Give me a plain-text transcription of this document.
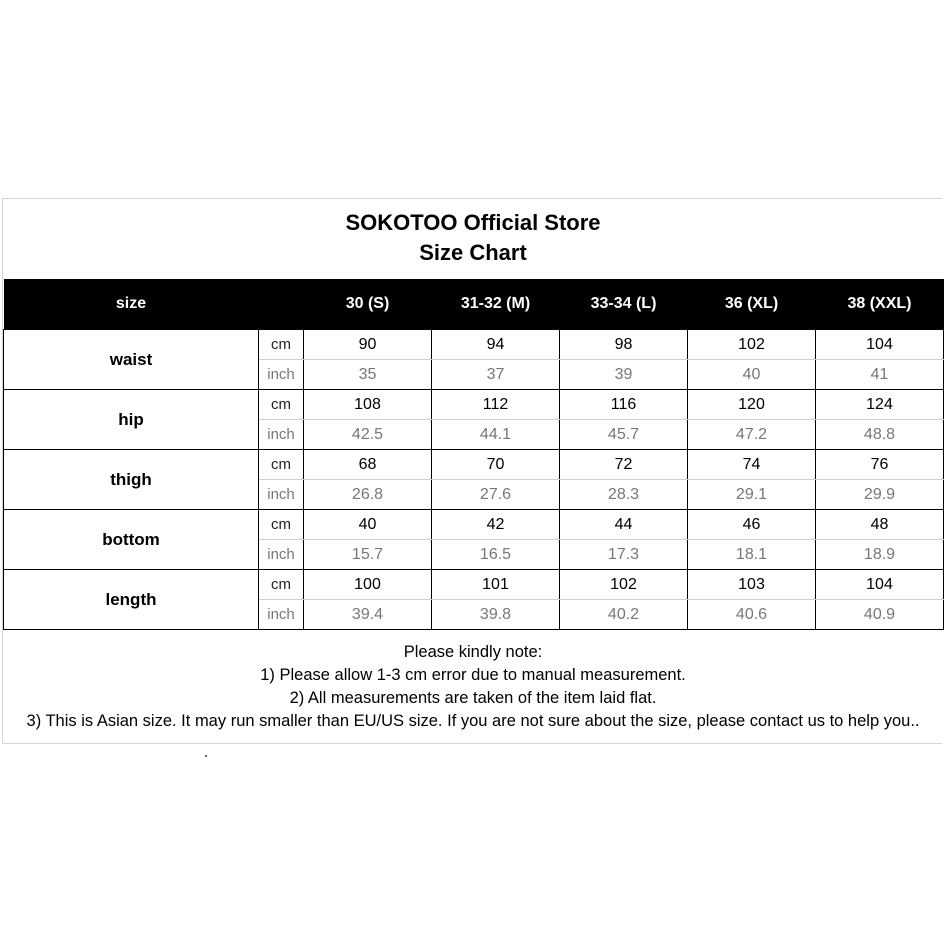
SOKOTOO Official Store
Size Chart
size		30 (S)	31-32 (M)	33-34 (L)	36 (XL)	38 (XXL)
waist	cm	90	94	98	102	104
	inch	35	37	39	40	41
hip	cm	108	112	116	120	124
	inch	42.5	44.1	45.7	47.2	48.8
thigh	cm	68	70	72	74	76
	inch	26.8	27.6	28.3	29.1	29.9
bottom	cm	40	42	44	46	48
	inch	15.7	16.5	17.3	18.1	18.9
length	cm	100	101	102	103	104
	inch	39.4	39.8	40.2	40.6	40.9
Please kindly note:
1) Please allow 1-3 cm error due to manual measurement.
2) All measurements are taken of the item laid flat.
3) This is Asian size. It may run smaller than EU/US size. If you are not sure about the size, please contact us to help you..
